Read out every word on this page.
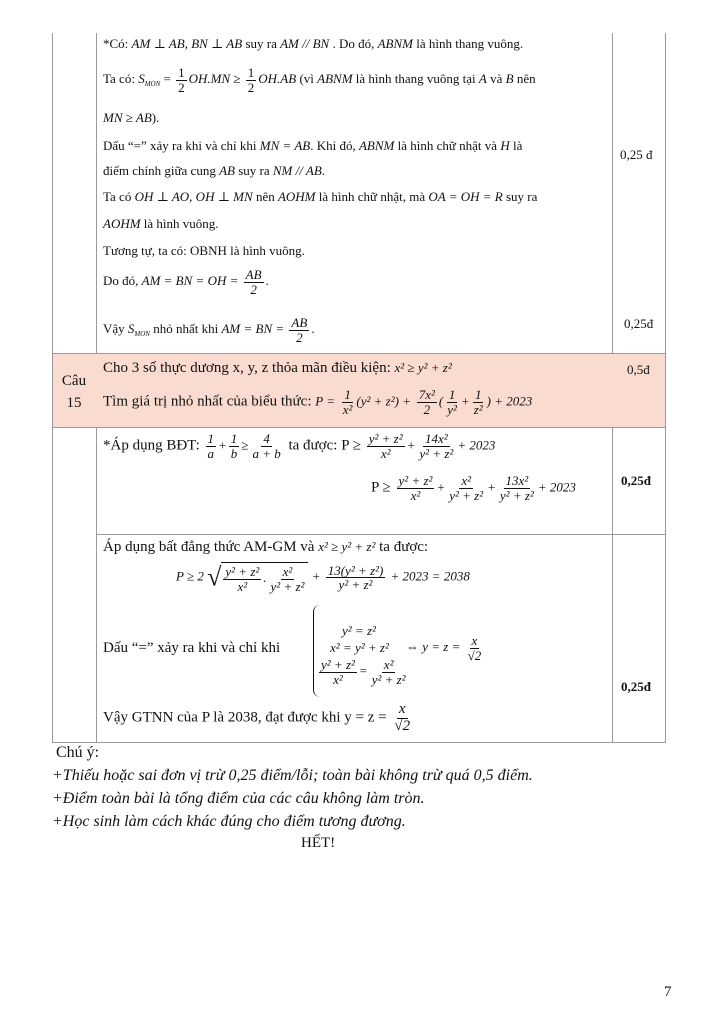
*Có: AM ⊥ AB, BN ⊥ AB suy ra AM // BN . Do đó, ABNM là hình thang vuông.
Ta có: $S_{MON} = \frac{1}{2} OH.MN \ge \frac{1}{2} OH.AB$ (vì ABNM là hình thang vuông tại A và B nên
MN ≥ AB).
Dấu “=” xảy ra khi và chỉ khi MN = AB. Khi đó, ABNM là hình chữ nhật và H là
điểm chính giữa cung AB suy ra NM // AB.
Ta có OH ⊥ AO, OH ⊥ MN nên AOHM là hình chữ nhật, mà OA = OH = R suy ra
AOHM là hình vuông.
Tương tự, ta có: OBNH là hình vuông.
Do đó, AM = BN = OH = $\frac{AB}{2}$ .
Vậy $S_{MON}$ nhỏ nhất khi AM = BN = $\frac{AB}{2}$ .
0,25 đ
0,25đ
Câu
15
Cho 3 số thực dương x, y, z thỏa mãn điều kiện: x² ≥ y² + z²
Tìm giá trị nhỏ nhất của biểu thức: $P = \frac{1}{\text{x²}} (y^2 + z^2) + \frac{\text{7x²}}{2}$ ( $\frac{1}{\text{y²}} + \frac{1}{\text{z²}}$ ) + 2023
0,5đ
*Áp dụng BĐT: $\frac{1}{a} + \frac{1}{b} \ge \frac{4}{a + b}$ ta được: $P \ge \frac{\text{y² + z²}}{\text{x²}} + \frac{\text{14x²}}{\text{y² + z²}} + 2023$
$P \ge \frac{\text{y² + z²}}{\text{x²}} + \frac{\text{x²}}{\text{y² + z²}} + \frac{\text{13x²}}{\text{y² + z²}} + 2023$	0,25đ
Áp dụng bất đẳng thức AM-GM và x² ≥ y² + z² ta được:
P ≥ 2 √ $\frac{\text{y² + z²}}{\text{x²}}$ . $\frac{\text{x²}}{\text{y² + z²}} + \frac{\text{13(y² + z²)}}{\text{y² + z²}} + 2023 = 2038$
Dấu “=” xảy ra khi và chỉ khi
y² = z²
x² = y² + z²
$\frac{\text{y² + z²}}{\text{x²}} = \frac{\text{x²}}{\text{y² + z²}}$
⇔ $y = z = \frac{x}{√2}$
Vậy GTNN của P là 2038, đạt được khi $y = z = \frac{x}{√2}$
0,25đ
Chú ý:
+Thiếu hoặc sai đơn vị trừ 0,25 điểm/lỗi; toàn bài không trừ quá 0,5 điểm.
+Điểm toàn bài là tổng điểm của các câu không làm tròn.
+Học sinh làm cách khác đúng cho điểm tương đương.
HẾT!
7
